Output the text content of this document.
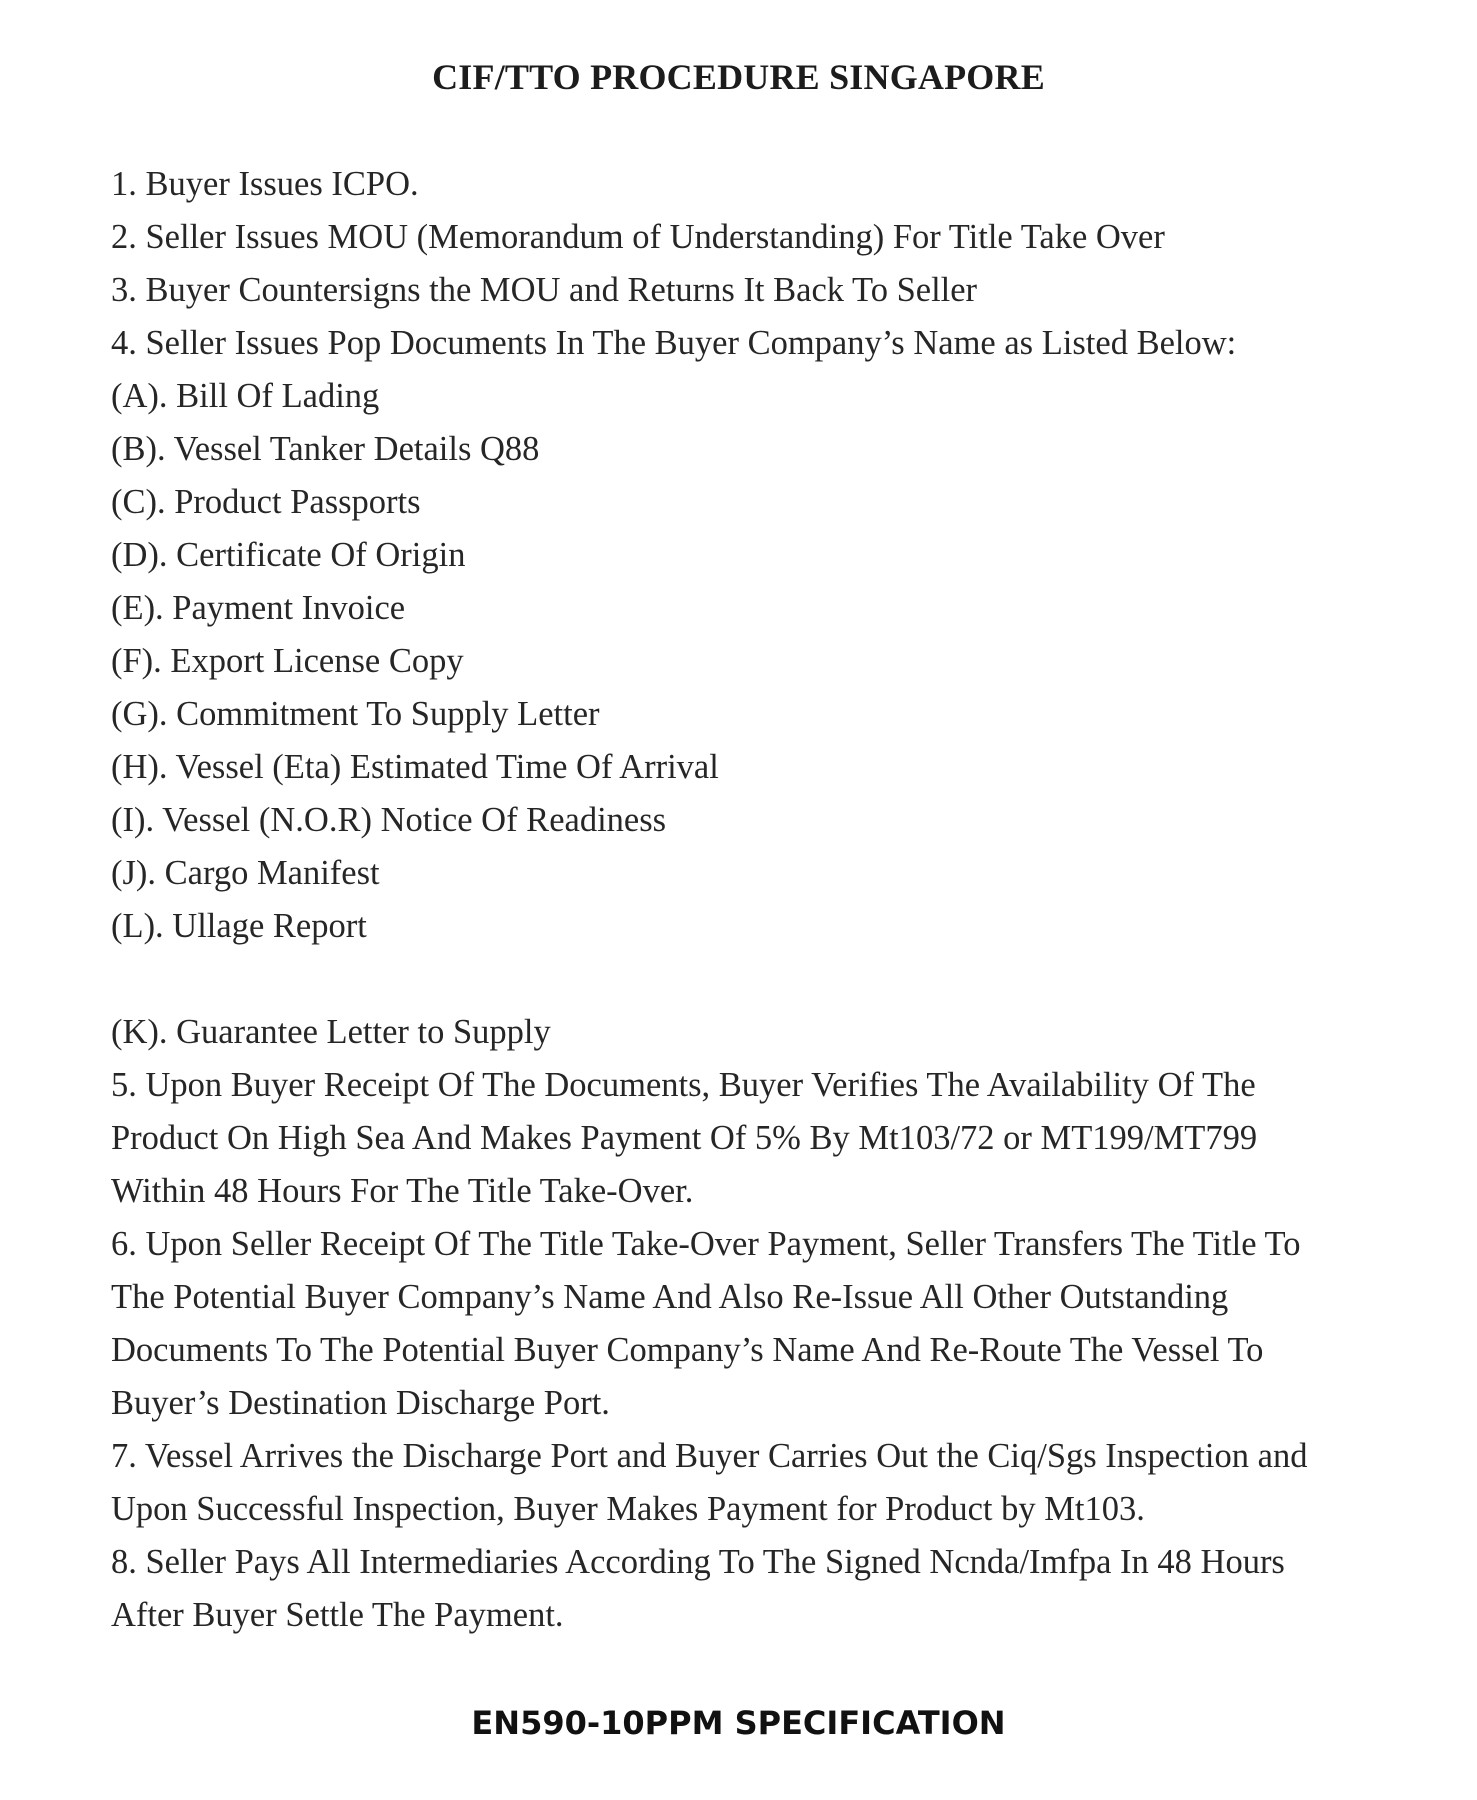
CIF/TTO PROCEDURE SINGAPORE
1. Buyer Issues ICPO.
2. Seller Issues MOU (Memorandum of Understanding) For Title Take Over
3. Buyer Countersigns the MOU and Returns It Back To Seller
4. Seller Issues Pop Documents In The Buyer Company’s Name as Listed Below:
(A). Bill Of Lading
(B). Vessel Tanker Details Q88
(C). Product Passports
(D). Certificate Of Origin
(E). Payment Invoice
(F). Export License Copy
(G). Commitment To Supply Letter
(H). Vessel (Eta) Estimated Time Of Arrival
(I). Vessel (N.O.R) Notice Of Readiness
(J). Cargo Manifest
(L). Ullage Report
(K). Guarantee Letter to Supply
5. Upon Buyer Receipt Of The Documents, Buyer Verifies The Availability Of The
Product On High Sea And Makes Payment Of 5% By Mt103/72 or MT199/MT799
Within 48 Hours For The Title Take-Over.
6. Upon Seller Receipt Of The Title Take-Over Payment, Seller Transfers The Title To
The Potential Buyer Company’s Name And Also Re-Issue All Other Outstanding
Documents To The Potential Buyer Company’s Name And Re-Route The Vessel To
Buyer’s Destination Discharge Port.
7. Vessel Arrives the Discharge Port and Buyer Carries Out the Ciq/Sgs Inspection and
Upon Successful Inspection, Buyer Makes Payment for Product by Mt103.
8. Seller Pays All Intermediaries According To The Signed Ncnda/Imfpa In 48 Hours
After Buyer Settle The Payment.
EN590-10PPM SPECIFICATION
